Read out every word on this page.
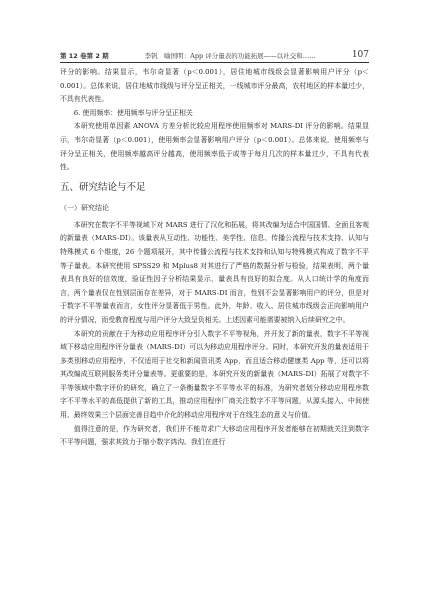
第 12 卷第 2 期	李钒　喻国明：App 评分量表的功能拓展——以社交和……	107

评分的影响。结果显示，韦尔奇显著（p＜0.001），居住地城市线级会显著影响用户评分（p＜0.001）。总体来说，居住地城市线级与评分呈正相关，一线城市评分最高，农村地区的样本量过少，不具有代表性。

6. 使用频率：使用频率与评分呈正相关

本研究使用单因素 ANOVA 方差分析比较应用程序使用频率对 MARS-DI 评分的影响。结果显示，韦尔奇显著（p＜0.001），使用频率会显著影响用户评分（p＜0.001）。总体来说，使用频率与评分呈正相关，使用频率越高评分越高，使用频率低于或等于每月几次的样本量过少，不具有代表性。

五、研究结论与不足
（一）研究结论

本研究在数字不平等视域下对 MARS 进行了汉化和拓展，将其改编为适合中国国情、全面且客观的新量表（MARS-DI）。该量表从互动性、功能性、美学性、信息、传播公流程与技术支持、认知与特殊模式 6 个维度，26 个题项展开，其中传播公流程与技术支持和认知与特殊模式构成了数字不平等子量表。本研究使用 SPSS29 和 Mplus8 对其进行了严格的数据分析与检验，结果表明，两个量表具有良好的信效度，验证性因子分析结果显示，量表具有良好的拟合度。从人口统计学的角度而言，两个量表仅在性别层面存在差异，对于 MARS-DI 而言，性别不会显著影响用户的评分，但是对于数字不平等量表而言，女性评分显著低于男性。此外，年龄、收入、居住城市线级会正向影响用户的评分情况，而受教育程度与用户评分大致呈负相关。上述因素可能需要被纳入后续研究之中。

本研究的贡献在于为移动应用程序评分引入数字不平等视角，并开发了新的量表，数字不平等视域下移动应用程序评分量表（MARS-DI）可以为移动应用程序评分。同时，本研究开发的量表适用于多类别移动应用程序，不仅适用于社交和新闻资讯类 App，而且适合移动健康类 App 等，还可以将其改编成互联网服务类评分量表等。更重要的是，本研究开发的新量表（MARS-DI）拓展了对数字不平等领域中数字评价的研究，确立了一条衡量数字不平等水平的标准，为研究者划分移动应用程序数字不平等水平的高低提供了新的工具，推动应用程序厂商关注数字不平等问题，从源头接入、中间使用、最终效果三个层面完善目趋中介化的移动应用程序对于在线生态的意义与价值。

值得注意的是，作为研究者，我们并不能苛求广大移动应用程序开发者能够在初期就关注到数字不平等问题，强求其致力于缩小数字鸿沟。我们在进行
